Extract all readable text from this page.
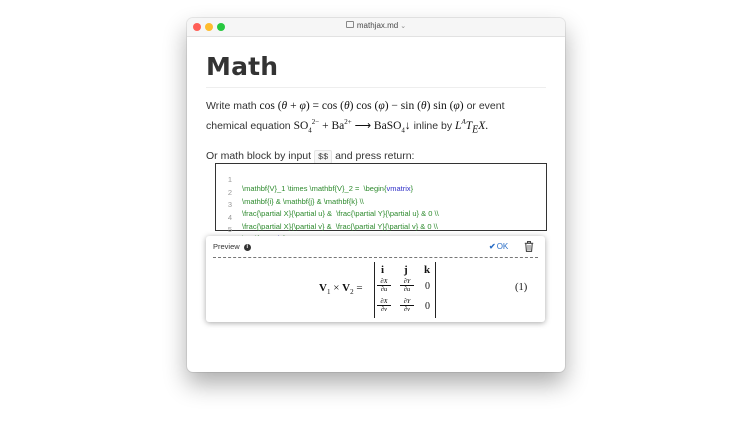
mathjax.md ⌄
Math
Write math cos (θ + φ) = cos (θ) cos (φ) − sin (θ) sin (φ) or event
chemical equation $SO_4^{2-} + Ba^{2+}$ ⟶ BaSO$_4$↓ inline by $L^AT_EX$.
Or math block by input $$ and press return:

1

\mathbf{V}_1 \times \mathbf{V}_2 =  \begin{vmatrix}

2

\mathbf{i} & \mathbf{j} & \mathbf{k} \\

3

\frac{\partial X}{\partial u} &  \frac{\partial Y}{\partial u} & 0 \\

4

\frac{\partial X}{\partial v} &  \frac{\partial Y}{\partial v} & 0 \\

5

Preview i	✔OK
$V_1 \times V_2$ =
i j k
$\frac{\partial X}{\partial u} \frac{\partial Y}{\partial u} 0$
$\frac{\partial X}{\partial v} \frac{\partial Y}{\partial v} 0$
(1)
